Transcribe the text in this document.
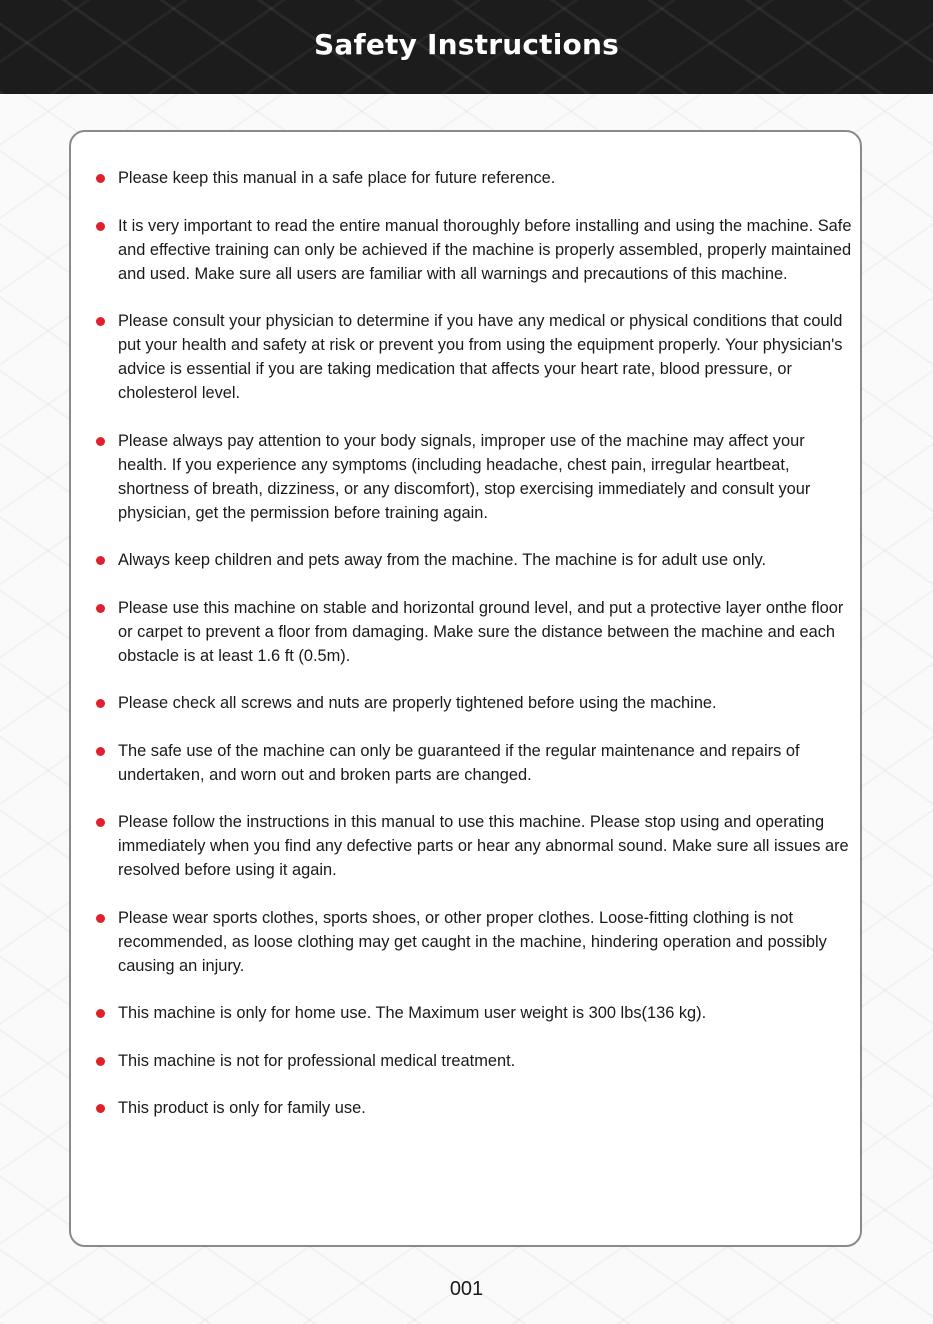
Safety Instructions
Please keep this manual in a safe place for future reference.
It is very important to read the entire manual thoroughly before installing and using the machine. Safe and effective training can only be achieved if the machine is properly assembled, properly maintained and used. Make sure all users are familiar with all warnings and precautions of this machine.
Please consult your physician to determine if you have any medical or physical conditions that could put your health and safety at risk or prevent you from using the equipment properly. Your physician's advice is essential if you are taking medication that affects your heart rate, blood pressure, or cholesterol level.
Please always pay attention to your body signals, improper use of the machine may affect your health. If you experience any symptoms (including headache, chest pain, irregular heartbeat, shortness of breath, dizziness, or any discomfort), stop exercising immediately and consult your physician, get the permission before training again.
Always keep children and pets away from the machine. The machine is for adult use only.
Please use this machine on stable and horizontal ground level, and put a protective layer onthe floor or carpet to prevent a floor from damaging. Make sure the distance between the machine and each obstacle is at least 1.6 ft (0.5m).
Please check all screws and nuts are properly tightened before using the machine.
The safe use of the machine can only be guaranteed if the regular maintenance and repairs of undertaken, and worn out and broken parts are changed.
Please follow the instructions in this manual to use this machine. Please stop using and operating immediately when you find any defective parts or hear any abnormal sound. Make sure all issues are resolved before using it again.
Please wear sports clothes, sports shoes, or other proper clothes. Loose-fitting clothing is not recommended, as loose clothing may get caught in the machine, hindering operation and possibly causing an injury.
This machine is only for home use. The Maximum user weight is 300 lbs(136 kg).
This machine is not for professional medical treatment.
This product is only for family use.
001
